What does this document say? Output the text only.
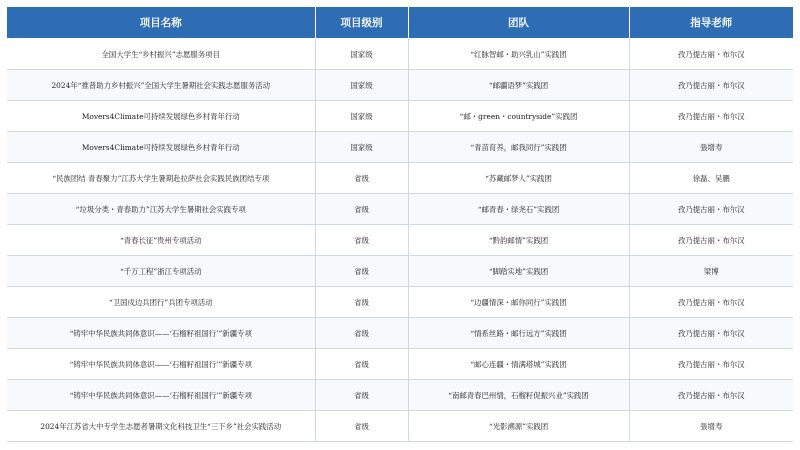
项目名称	项目级别	团队	指导老师
全国大学生“乡村振兴”志愿服务项目	国家级	“红脉智邮・助兴乳山”实践团	孜乃提古丽・布尔汉
2024年“推普助力乡村振兴”全国大学生暑期社会实践志愿服务活动	国家级	“邮疆语梦”实践团	孜乃提古丽・布尔汉
Movers4Climate可持续发展绿色乡村青年行动	国家级	“邮・green・countryside”实践团	孜乃提古丽・布尔汉
Movers4Climate可持续发展绿色乡村青年行动	国家级	“青苗育养，邮我同行”实践团	張增寿
“民族团结 青春聚力”江苏大学生暑期赴拉萨社会实践民族团结专项	省级	“苏藏邮梦人”实践团	徐磊、吴鹏
“垃圾分类・青春助力”江苏大学生暑期社会实践专项	省级	“邮青春・绿尧石”实践团	孜乃提古丽・布尔汉
“青春长征”贵州专项活动	省级	“黔韵邮情”实践团	孜乃提古丽・布尔汉
“千万工程”浙江专项活动	省级	“脚踏实地”实践团	梁博
“卫国戍边兵团行”兵团专项活动	省级	“边疆情深・邮你同行”实践团	孜乃提古丽・布尔汉
“铸牢中华民族共同体意识——‘石榴籽祖国行’”新疆专项	省级	“情系丝路・邮行远方”实践团	孜乃提古丽・布尔汉
“铸牢中华民族共同体意识——‘石榴籽祖国行’”新疆专项	省级	“邮心连疆・情满塔城”实践团	孜乃提古丽・布尔汉
“铸牢中华民族共同体意识——‘石榴籽祖国行’”新疆专项	省级	“南邮青春巴州情，石榴籽促振兴业”实践团	孜乃提古丽・布尔汉
2024年江苏省大中专学生志愿者暑期文化科技卫生“三下乡”社会实践活动	省级	“光影溯源”实践团	張增寿
